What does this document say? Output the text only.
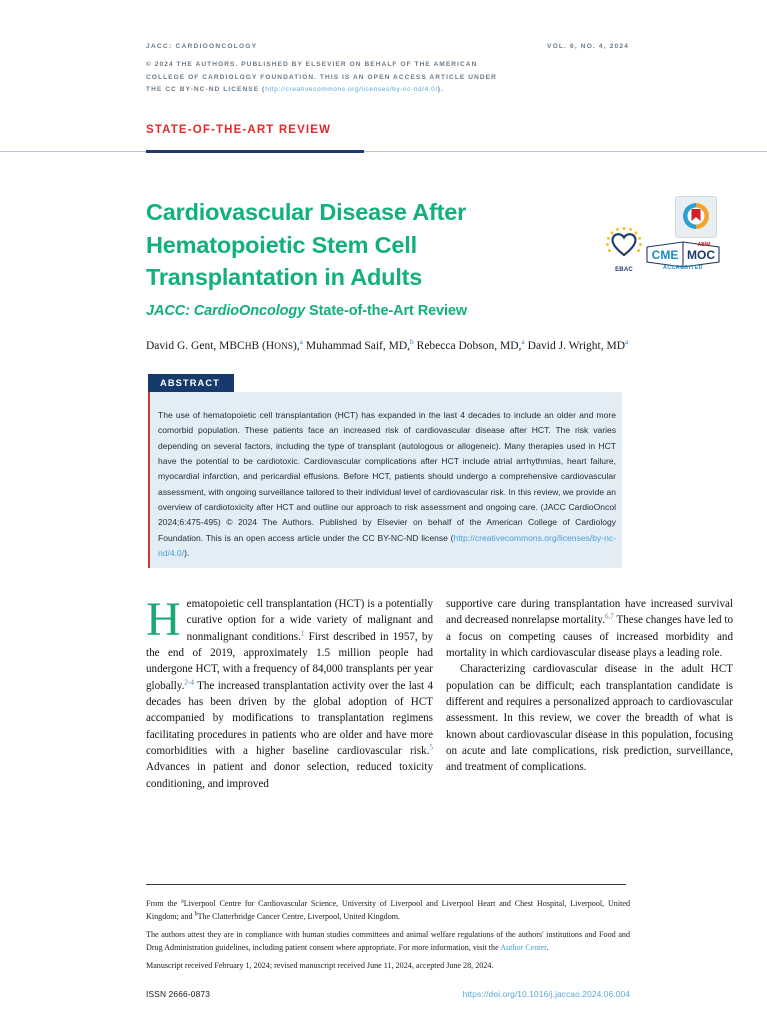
JACC: CARDIOONCOLOGY
© 2024 THE AUTHORS. PUBLISHED BY ELSEVIER ON BEHALF OF THE AMERICAN
COLLEGE OF CARDIOLOGY FOUNDATION. THIS IS AN OPEN ACCESS ARTICLE UNDER
THE CC BY-NC-ND LICENSE (http://creativecommons.org/licenses/by-nc-nd/4.0/).
VOL. 6, NO. 4, 2024
STATE-OF-THE-ART REVIEW
Cardiovascular Disease After
Hematopoietic Stem Cell
Transplantation in Adults
JACC: CardioOncology State-of-the-Art Review
EBAC
CME MOC
ABIM
ACCREDITED
David G. Gent, MBCHB (HONS),$^a$ Muhammad Saif, MD,$^b$ Rebecca Dobson, MD,$^a$ David J. Wright, $MD^a$
ABSTRACT
The use of hematopoietic cell transplantation (HCT) has expanded in the last 4 decades to include an older and more comorbid population. These patients face an increased risk of cardiovascular disease after HCT. The risk varies depending on several factors, including the type of transplant (autologous or allogeneic). Many therapies used in HCT have the potential to be cardiotoxic. Cardiovascular complications after HCT include atrial arrhythmias, heart failure, myocardial infarction, and pericardial effusions. Before HCT, patients should undergo a comprehensive cardiovascular assessment, with ongoing surveillance tailored to their individual level of cardiovascular risk. In this review, we provide an overview of cardiotoxicity after HCT and outline our approach to risk assessment and ongoing care. (JACC CardioOncol 2024;6:475-495) © 2024 The Authors. Published by Elsevier on behalf of the American College of Cardiology Foundation. This is an open access article under the CC BY-NC-ND license (http://creativecommons.org/licenses/by-nc-nd/4.0/).

Hematopoietic cell transplantation (HCT) is a potentially curative option for a wide variety of malignant and nonmalignant conditions.$^1$ First described in 1957, by the end of 2019, approximately 1.5 million people had undergone HCT, with a frequency of 84,000 transplants per year globally.$^{2-4}$ The increased transplantation activity over the last 4 decades has been driven by the global adoption of HCT accompanied by modifications to transplantation regimens facilitating procedures in patients who are older and have more comorbidities with a higher baseline cardiovascular risk.$^5$ Advances in patient and donor selection, reduced toxicity conditioning, and improved

supportive care during transplantation have increased survival and decreased nonrelapse mortality.$^{6,7}$ These changes have led to a focus on competing causes of increased morbidity and mortality in which cardiovascular disease plays a leading role.

Characterizing cardiovascular disease in the adult HCT population can be difficult; each transplantation candidate is different and requires a personalized approach to cardiovascular assessment. In this review, we cover the breadth of what is known about cardiovascular disease in this population, focusing on acute and late complications, risk prediction, surveillance, and treatment of complications.

From the $^a$Liverpool Centre for Cardiovascular Science, University of Liverpool and Liverpool Heart and Chest Hospital, Liverpool, United Kingdom; and $^b$The Clatterbridge Cancer Centre, Liverpool, United Kingdom.

The authors attest they are in compliance with human studies committees and animal welfare regulations of the authors' institutions and Food and Drug Administration guidelines, including patient consent where appropriate. For more information, visit the Author Center.

Manuscript received February 1, 2024; revised manuscript received June 11, 2024, accepted June 28, 2024.

ISSN 2666-0873	https://doi.org/10.1016/j.jaccao.2024.06.004
